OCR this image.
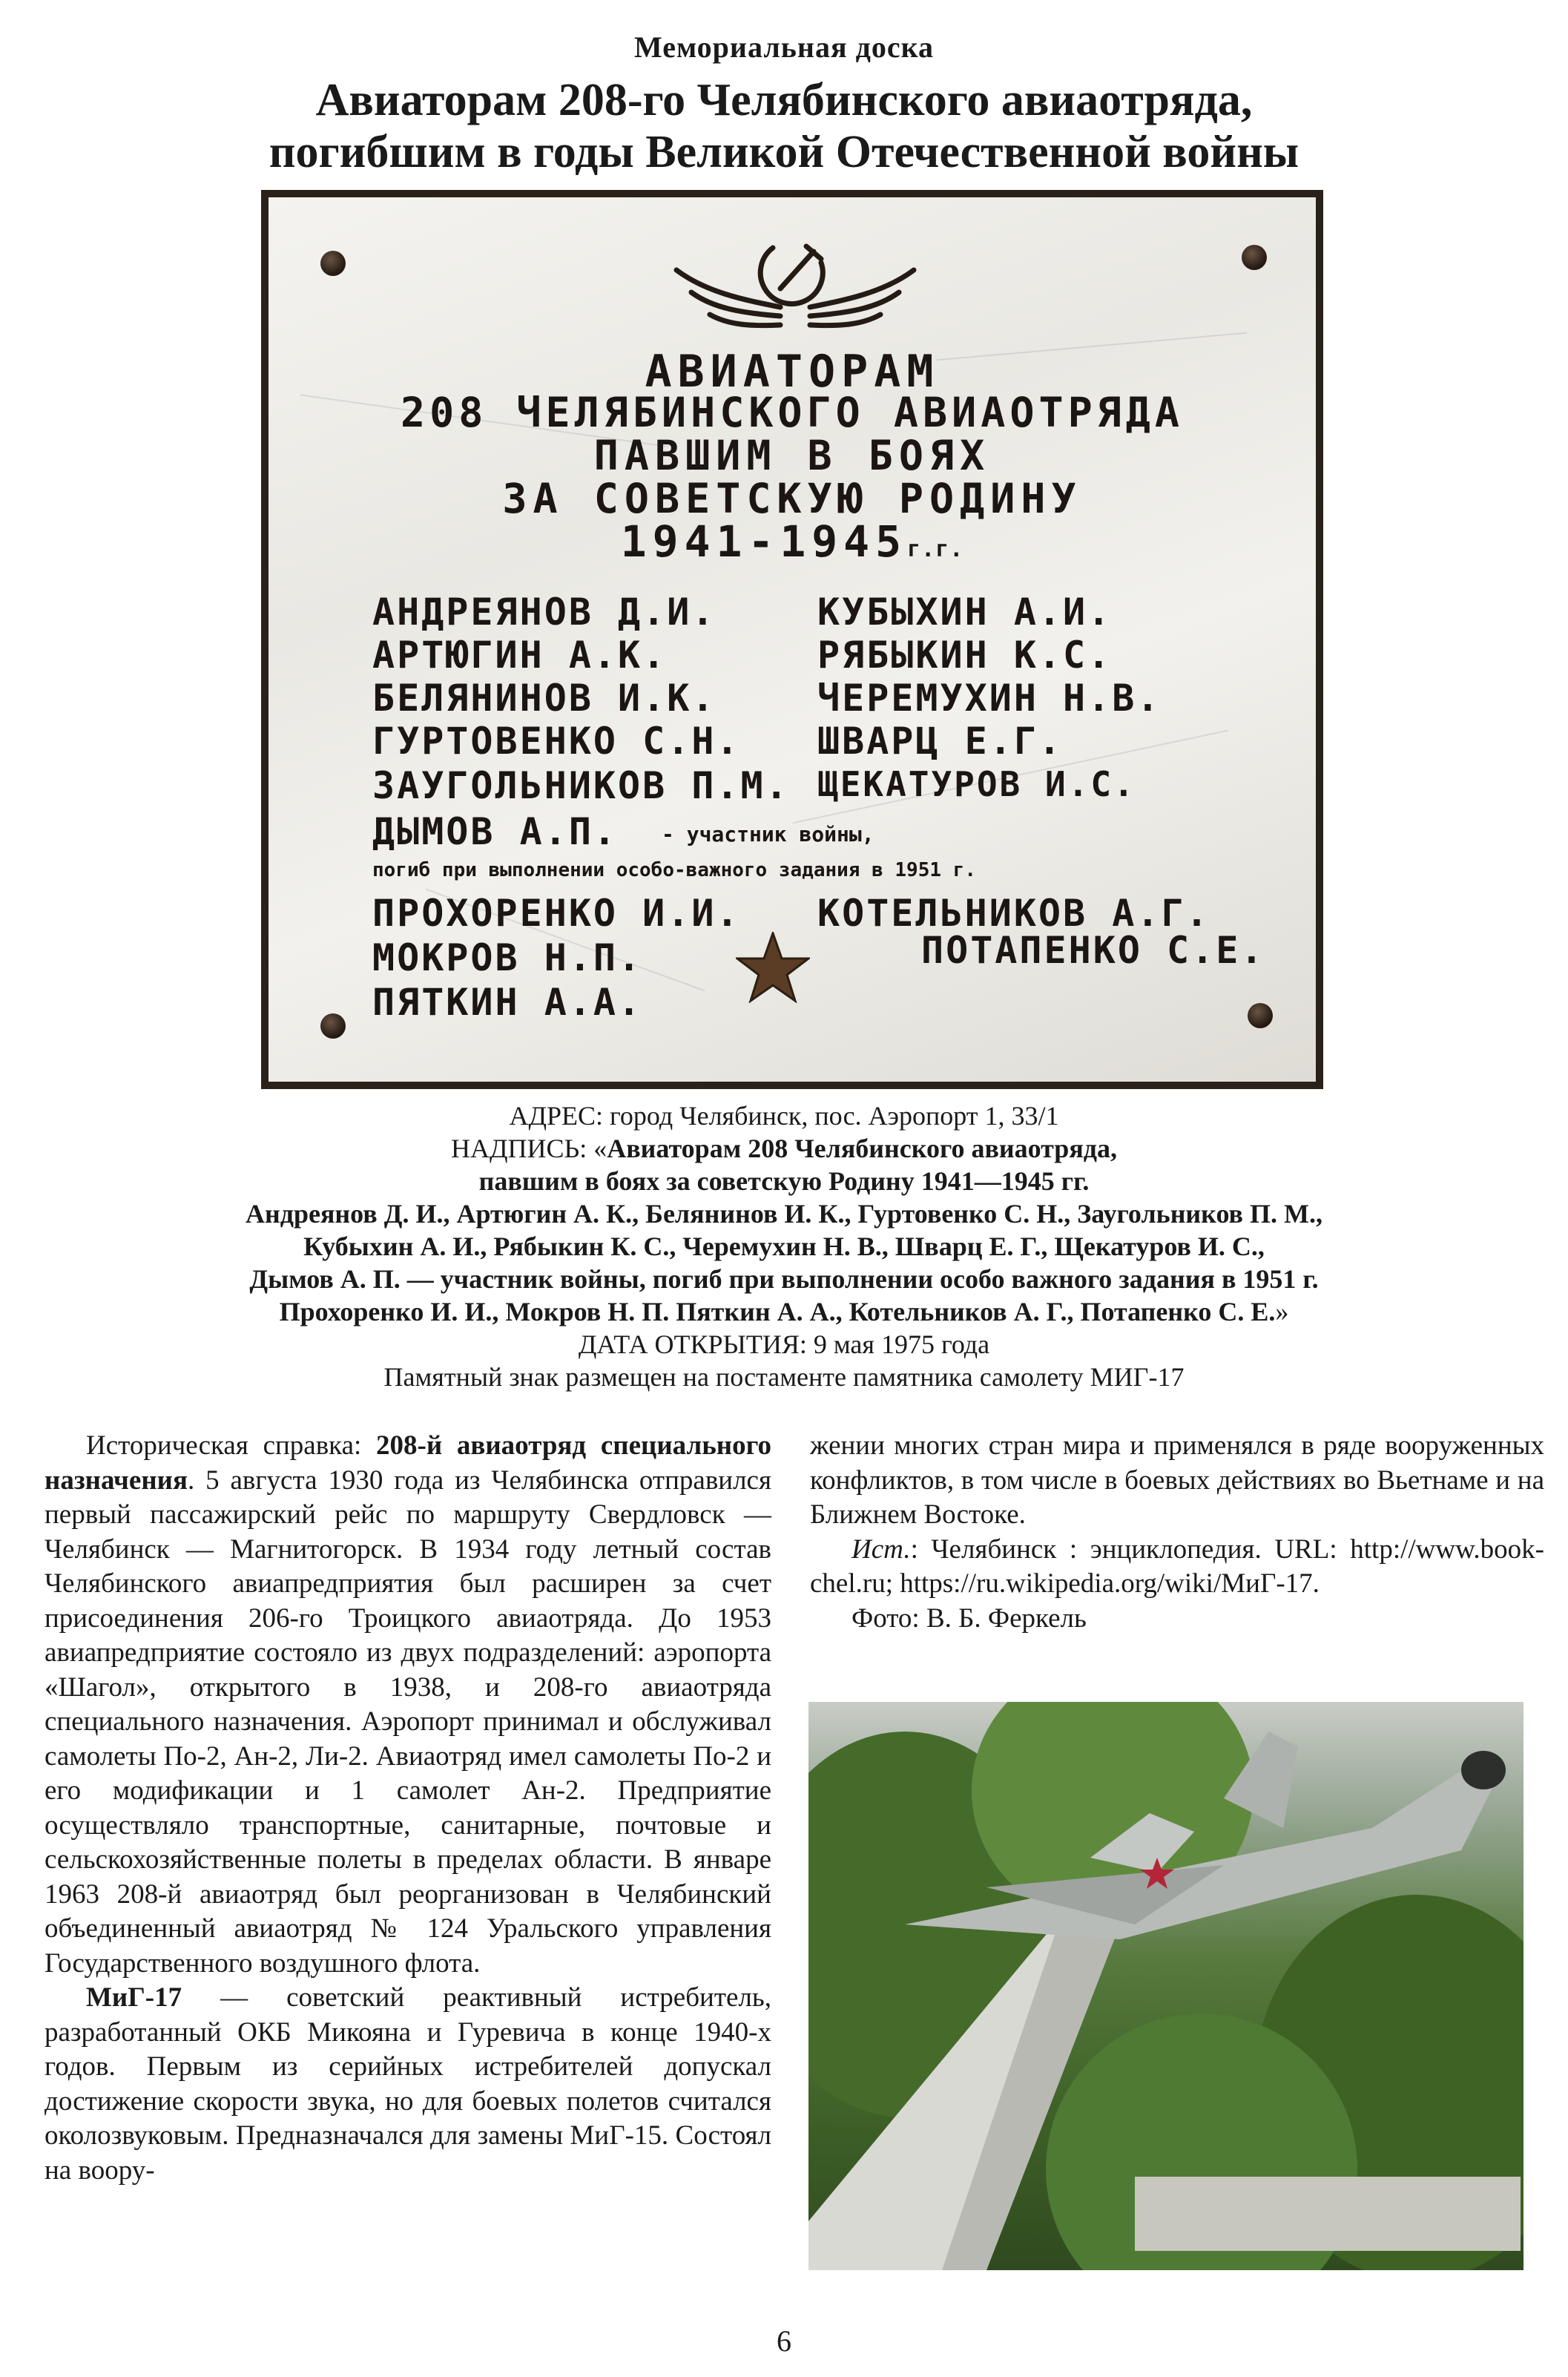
Мемориальная доска
Авиаторам 208-го Челябинского авиаотряда,
погибшим в годы Великой Отечественной войны
АВИАТОРАМ
208 ЧЕЛЯБИНСКОГО АВИАОТРЯДА
ПАВШИМ В БОЯХ
ЗА СОВЕТСКУЮ РОДИНУ
1941-1945г.г.
АНДРЕЯНОВ Д.И.
АРТЮГИН А.К.
БЕЛЯНИНОВ И.К.
ГУРТОВЕНКО С.Н.
ЗАУГОЛЬНИКОВ П.М.
КУБЫХИН А.И.
РЯБЫКИН К.С.
ЧЕРЕМУХИН Н.В.
ШВАРЦ Е.Г.
ЩЕКАТУРОВ И.С.
ДЫМОВ А.П. - участник войны,
погиб при выполнении особо-важного задания в 1951 г.
ПРОХОРЕНКО И.И. КОТЕЛЬНИКОВ А.Г.
МОКРОВ Н.П.	ПОТАПЕНКО С.Е.
ПЯТКИН А.А.
АДРЕС: город Челябинск, пос. Аэропорт 1, 33/1
НАДПИСЬ: «Авиаторам 208 Челябинского авиаотряда,
павшим в боях за советскую Родину 1941—1945 гг.
Андреянов Д. И., Артюгин А. К., Белянинов И. К., Гуртовенко С. Н., Заугольников П. М.,
Кубыхин А. И., Рябыкин К. С., Черемухин Н. В., Шварц Е. Г., Щекатуров И. С.,
Дымов А. П. — участник войны, погиб при выполнении особо важного задания в 1951 г.
Прохоренко И. И., Мокров Н. П. Пяткин А. А., Котельников А. Г., Потапенко С. Е.»
ДАТА ОТКРЫТИЯ: 9 мая 1975 года
Памятный знак размещен на постаменте памятника самолету МИГ-17

Историческая справка: 208-й авиаотряд специального назначения. 5 августа 1930 года из Челябинска отправился первый пассажирский рейс по маршруту Свердловск — Челябинск — Магнитогорск. В 1934 году летный состав Челябинского авиапредприятия был расширен за счет присоединения 206-го Троицкого авиаотряда. До 1953 авиапредприятие состояло из двух подразделений: аэропорта «Шагол», открытого в 1938, и 208-го авиаотряда специального назначения. Аэропорт принимал и обслуживал самолеты По-2, Ан-2, Ли-2. Авиаотряд имел самолеты По-2 и его модификации и 1 самолет Ан-2. Предприятие осуществляло транспортные, санитарные, почтовые и сельскохозяйственные полеты в пределах области. В январе 1963 208-й авиаотряд был реорганизован в Челябинский объединенный авиаотряд № 124 Уральского управления Государственного воздушного флота.

МиГ-17 — советский реактивный истребитель, разработанный ОКБ Микояна и Гуревича в конце 1940-х годов. Первым из серийных истребителей допускал достижение скорости звука, но для боевых полетов считался околозвуковым. Предназначался для замены МиГ-15. Состоял на воору-

жении многих стран мира и применялся в ряде вооруженных конфликтов, в том числе в боевых действиях во Вьетнаме и на Ближнем Востоке.

Ист.: Челябинск : энциклопедия. URL: http://www.book-chel.ru; https://ru.wikipedia.org/wiki/МиГ-17.

Фото: В. Б. Феркель

6
